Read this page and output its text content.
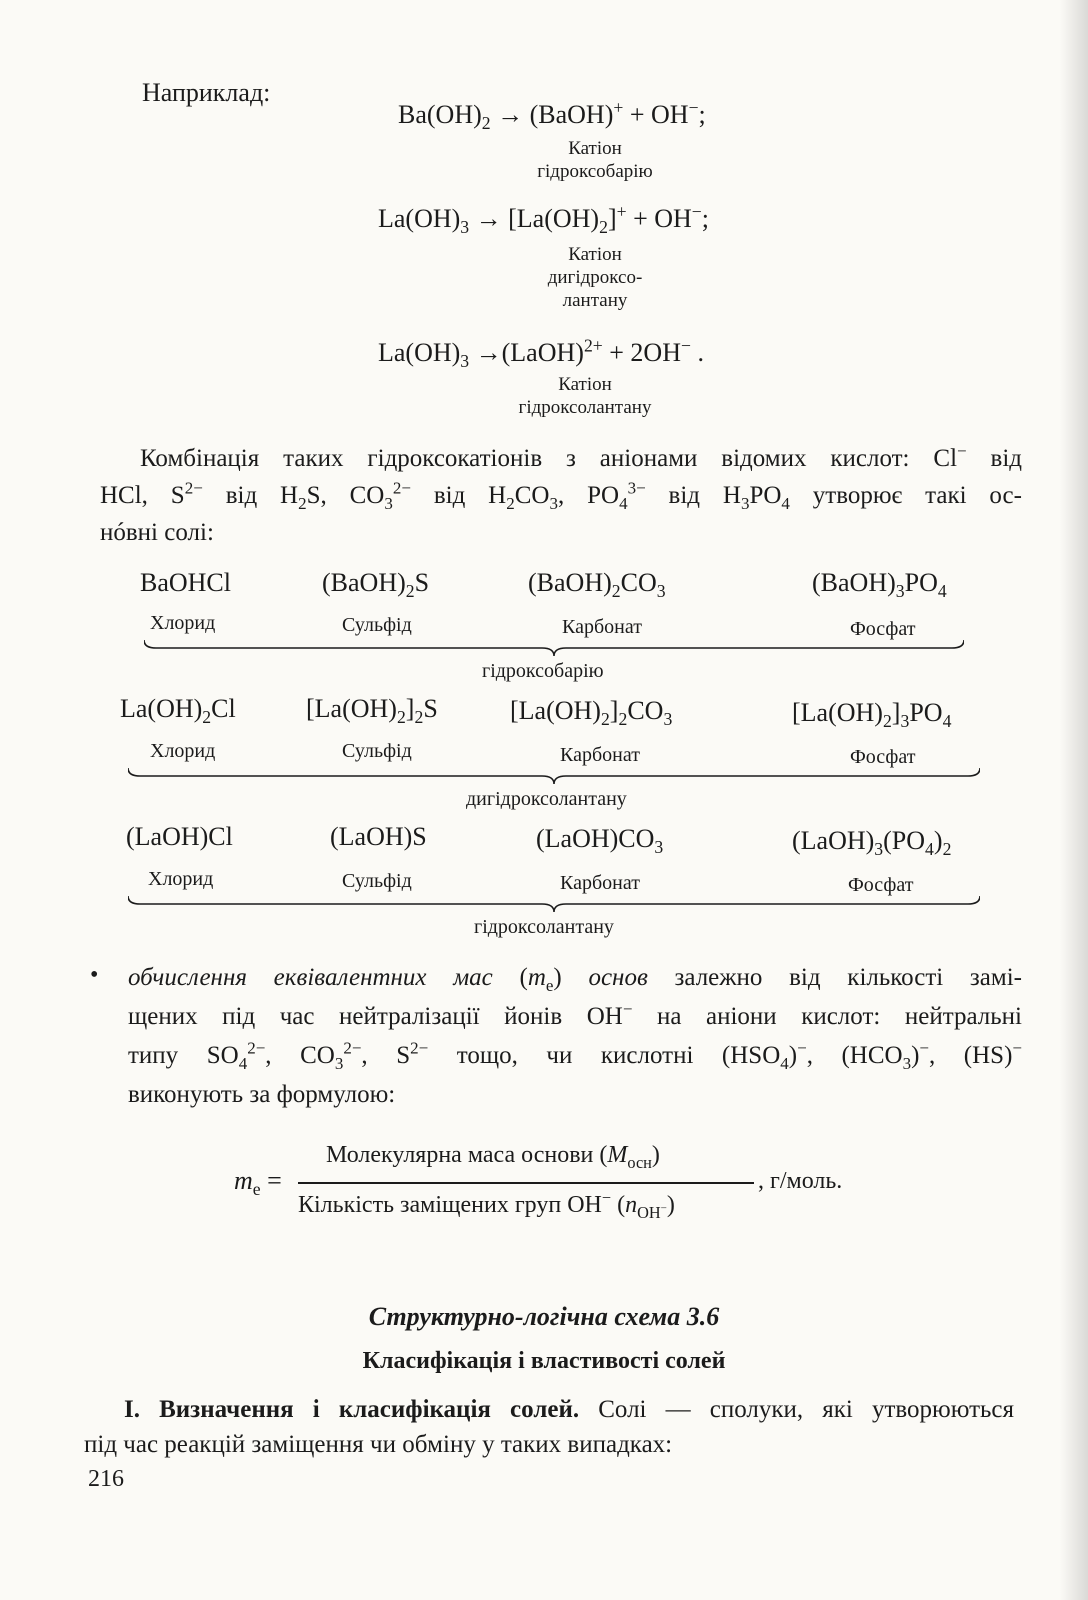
Наприклад:
$Ba(OH)_2$ → (BaOH)+ + OH−;
Катіон
гідроксобарію
$La(OH)_3 \to [La(OH)_2]^+ + OH^-$;
Катіон
дигідроксо-
лантану
$La(OH)_3$ →(LaOH)$^{2+}$ + 2OH− .
Катіон
гідроксолантану
Комбінація таких гідроксокатіонів з аніонами відомих кислот: Cl− від
HCl, $S^{2-}$ від $H_2S$, $CO_3^{2-}$ від $H_2CO_3$, $PO_4^{3-}$ від $H_3PO_4$ утворює такі ос-
нóвні солі:
BaOHCl	$(BaOH)_2S$	$(BaOH)_2CO_3$	$(BaOH)_3PO_4$
Хлорид	Сульфід	Карбонат	Фосфат
гідроксобарію
$La(OH)_2Cl$	$[La(OH)_2]_2S$	$[La(OH)_2]_2CO_3$	$[La(OH)_2]_3PO_4$
Хлорид	Сульфід	Карбонат	Фосфат
дигідроксолантану
(LaOH)Cl	(LaOH)S	$(LaOH)CO_3$	$(LaOH)_3(PO_4)_2$
Хлорид	Сульфід	Карбонат	Фосфат
гідроксолантану
• обчислення еквівалентних мас $(m_e)$ основ залежно від кількості замі-
щених під час нейтралізації йонів OH− на аніони кислот: нейтральні
типу $SO_4^{2-}$, $CO_3^{2-}$, $S^{2-}$ тощо, чи кислотні $(HSO_4)^-$, $(HCO_3)^-$, (HS)−
виконують за формулою:
$m_e$ =
Молекулярна маса основи $(M_{осн})$
Кількість заміщених груп OH− $(n_{OH^-})$
, г/моль.
Структурно-логічна схема 3.6
Класифікація і властивості солей
І. Визначення і класифікація солей. Солі — сполуки, які утворюються
під час реакцій заміщення чи обміну у таких випадках:
216
